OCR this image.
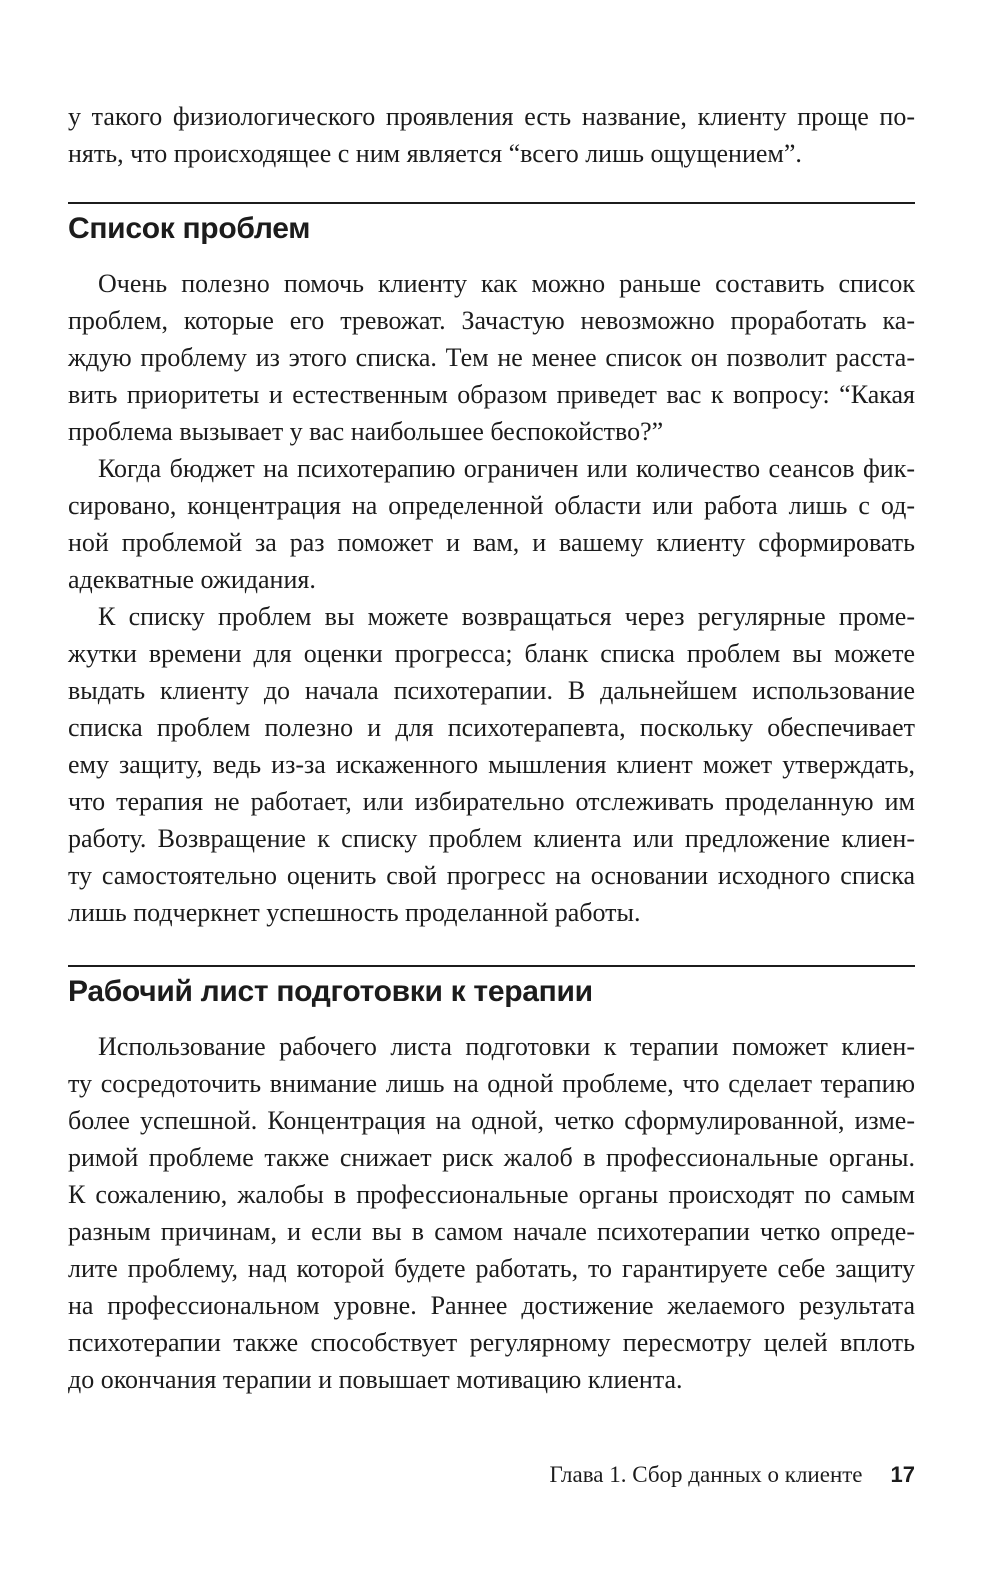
у такого физиологического проявления есть название, клиенту проще по-
нять, что происходящее с ним является “всего лишь ощущением”.
Список проблем
Очень полезно помочь клиенту как можно раньше составить список
проблем, которые его тревожат. Зачастую невозможно проработать ка-
ждую проблему из этого списка. Тем не менее список он позволит расста-
вить приоритеты и естественным образом приведет вас к вопросу: “Какая
проблема вызывает у вас наибольшее беспокойство?”
Когда бюджет на психотерапию ограничен или количество сеансов фик-
сировано, концентрация на определенной области или работа лишь с од-
ной проблемой за раз поможет и вам, и вашему клиенту сформировать
адекватные ожидания.
К списку проблем вы можете возвращаться через регулярные проме-
жутки времени для оценки прогресса; бланк списка проблем вы можете
выдать клиенту до начала психотерапии. В дальнейшем использование
списка проблем полезно и для психотерапевта, поскольку обеспечивает
ему защиту, ведь из-за искаженного мышления клиент может утверждать,
что терапия не работает, или избирательно отслеживать проделанную им
работу. Возвращение к списку проблем клиента или предложение клиен-
ту самостоятельно оценить свой прогресс на основании исходного списка
лишь подчеркнет успешность проделанной работы.
Рабочий лист подготовки к терапии
Использование рабочего листа подготовки к терапии поможет клиен-
ту сосредоточить внимание лишь на одной проблеме, что сделает терапию
более успешной. Концентрация на одной, четко сформулированной, изме-
римой проблеме также снижает риск жалоб в профессиональные органы.
К сожалению, жалобы в профессиональные органы происходят по самым
разным причинам, и если вы в самом начале психотерапии четко опреде-
лите проблему, над которой будете работать, то гарантируете себе защиту
на профессиональном уровне. Раннее достижение желаемого результата
психотерапии также способствует регулярному пересмотру целей вплоть
до окончания терапии и повышает мотивацию клиента.
Глава 1. Сбор данных о клиенте 17
